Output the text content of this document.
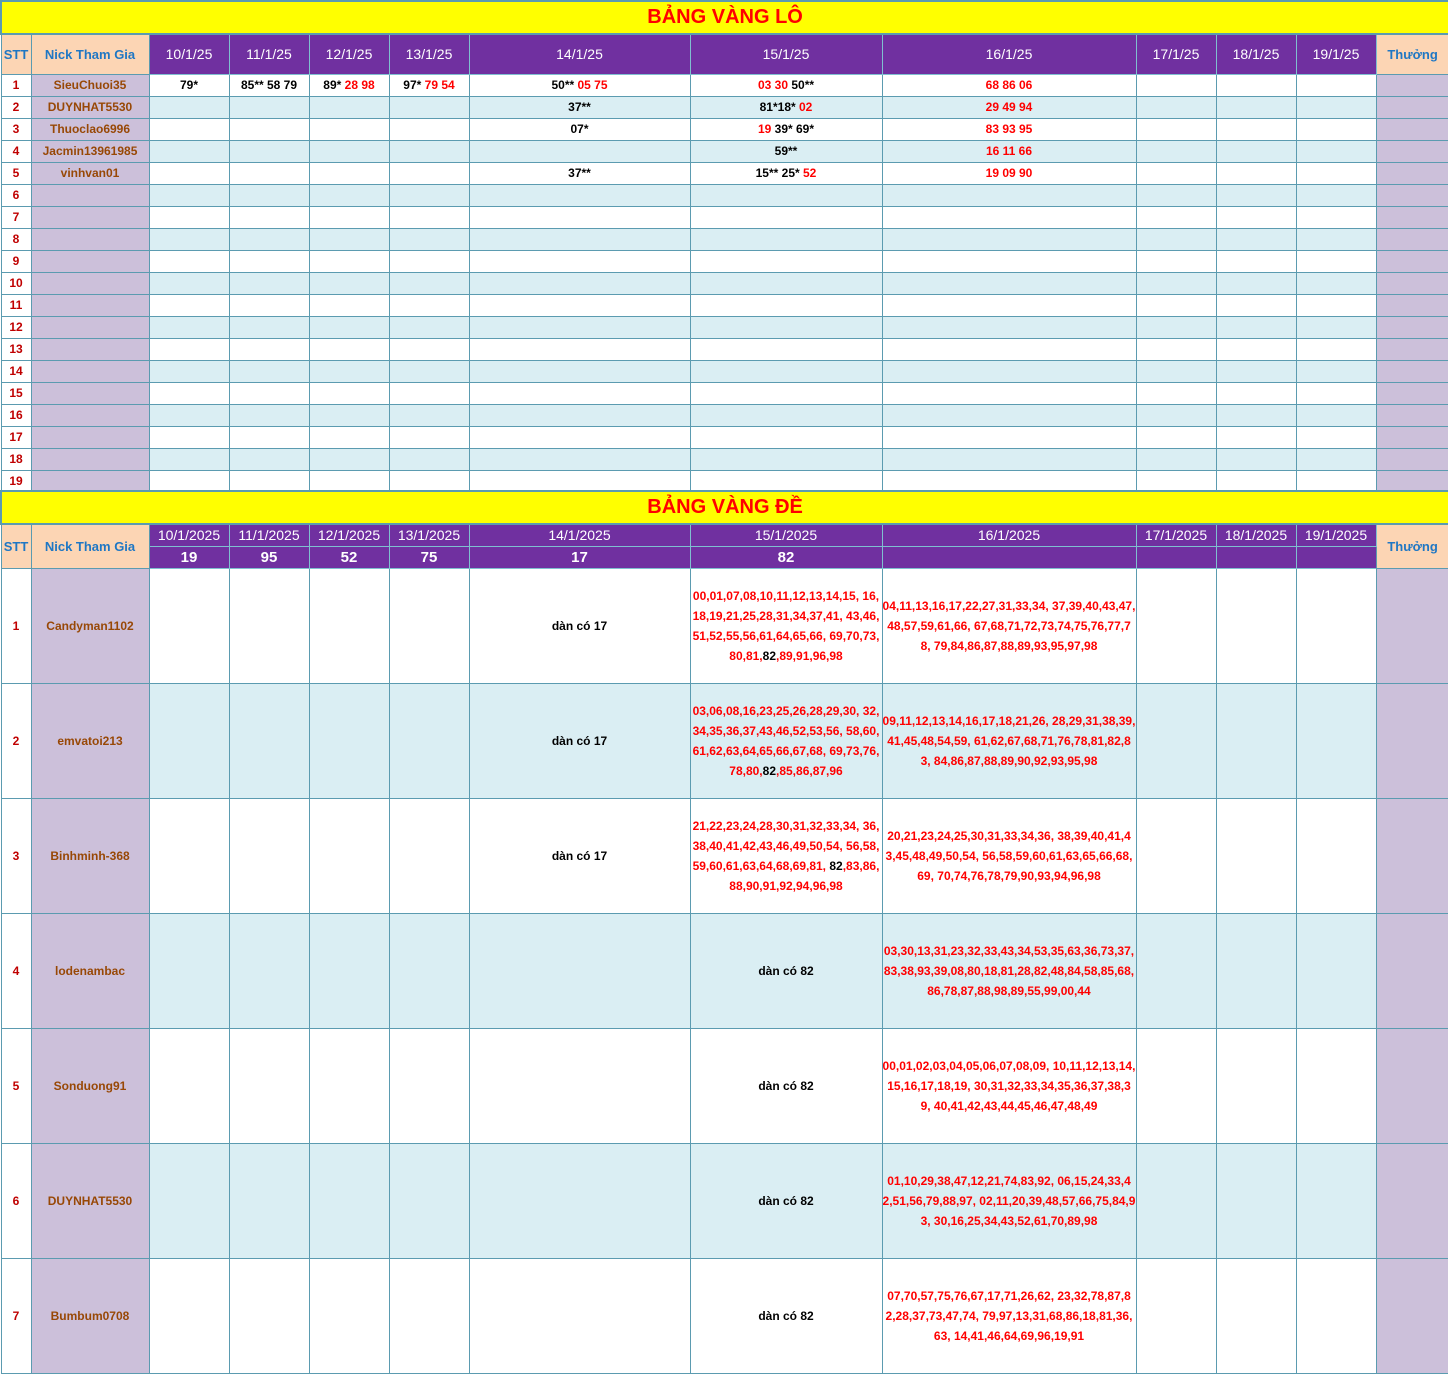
BẢNG VÀNG LÔ												
STT	Nick Tham Gia	10/1/25	11/1/25	12/1/25	13/1/25	14/1/25	15/1/25	16/1/25	17/1/25	18/1/25	19/1/25	Thưởng
1	SieuChuoi35	79*	85** 58 79	89* 28 98	97* 79 54	50** 05 75	03 30 50**	68 86 06				
2	DUYNHAT5530					37**	81*18* 02	29 49 94				
3	Thuoclao6996					07*	19 39* 69*	83 93 95				
4	Jacmin13961985						59**	16 11 66				
5	vinhvan01					37**	15** 25* 52	19 09 90				
6												
7												
8												
9												
10												
11												
12												
13												
14												
15												
16												
17												
18												
19												
BẢNG VÀNG ĐỀ												
STT	Nick Tham Gia	10/1/2025	11/1/2025	12/1/2025	13/1/2025	14/1/2025	15/1/2025	16/1/2025	17/1/2025	18/1/2025	19/1/2025	Thưởng
		19	95	52	75	17	82					
1	Candyman1102					dàn có 17	00,01,07,08,10,11,12,13,14,15, 16,18,19,21,25,28,31,34,37,41, 43,46,51,52,55,56,61,64,65,66, 69,70,73,80,81,82,89,91,96,98	04,11,13,16,17,22,27,31,33,34, 37,39,40,43,47,48,57,59,61,66, 67,68,71,72,73,74,75,76,77,78, 79,84,86,87,88,89,93,95,97,98				
2	emvatoi213					dàn có 17	03,06,08,16,23,25,26,28,29,30, 32,34,35,36,37,43,46,52,53,56, 58,60,61,62,63,64,65,66,67,68, 69,73,76,78,80,82,85,86,87,96	09,11,12,13,14,16,17,18,21,26, 28,29,31,38,39,41,45,48,54,59, 61,62,67,68,71,76,78,81,82,83, 84,86,87,88,89,90,92,93,95,98				
3	Binhminh-368					dàn có 17	21,22,23,24,28,30,31,32,33,34, 36,38,40,41,42,43,46,49,50,54, 56,58,59,60,61,63,64,68,69,81, 82,83,86,88,90,91,92,94,96,98	20,21,23,24,25,30,31,33,34,36, 38,39,40,41,43,45,48,49,50,54, 56,58,59,60,61,63,65,66,68,69, 70,74,76,78,79,90,93,94,96,98				
4	lodenambac						dàn có 82	03,30,13,31,23,32,33,43,34,53,35,63,36,73,37,83,38,93,39,08,80,18,81,28,82,48,84,58,85,68,86,78,87,88,98,89,55,99,00,44				
5	Sonduong91						dàn có 82	00,01,02,03,04,05,06,07,08,09, 10,11,12,13,14,15,16,17,18,19, 30,31,32,33,34,35,36,37,38,39, 40,41,42,43,44,45,46,47,48,49				
6	DUYNHAT5530						dàn có 82	01,10,29,38,47,12,21,74,83,92, 06,15,24,33,42,51,56,79,88,97, 02,11,20,39,48,57,66,75,84,93, 30,16,25,34,43,52,61,70,89,98				
7	Bumbum0708						dàn có 82	07,70,57,75,76,67,17,71,26,62, 23,32,78,87,82,28,37,73,47,74, 79,97,13,31,68,86,18,81,36,63, 14,41,46,64,69,96,19,91				
